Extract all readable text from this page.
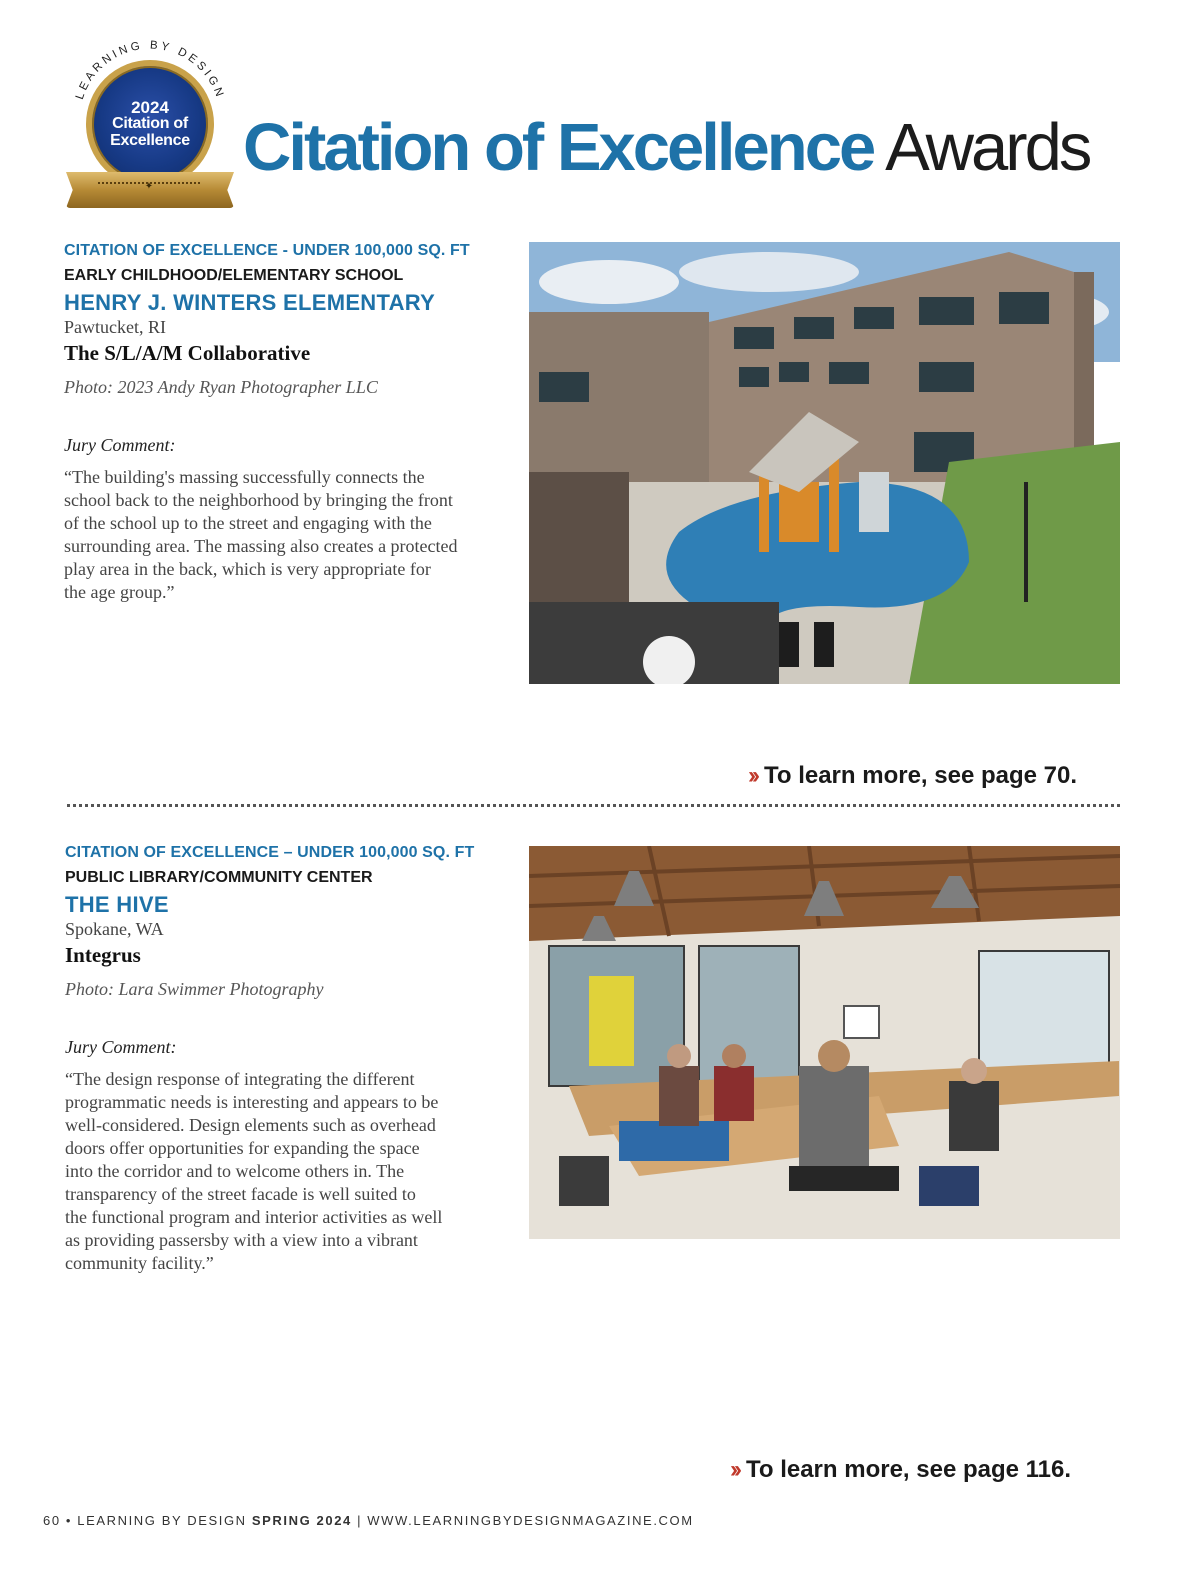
LEARNING BY DESIGN
2024
Citation of
Excellence
✦
Citation of Excellence Awards
CITATION OF EXCELLENCE - UNDER 100,000 SQ. FT
EARLY CHILDHOOD/ELEMENTARY SCHOOL
HENRY J. WINTERS ELEMENTARY
Pawtucket, RI
The S/L/A/M Collaborative
Photo: 2023 Andy Ryan Photographer LLC
Jury Comment:
“The building's massing successfully connects the
school back to the neighborhood by bringing the front
of the school up to the street and engaging with the
surrounding area. The massing also creates a protected
play area in the back, which is very appropriate for
the age group.”
›› To learn more, see page 70.
CITATION OF EXCELLENCE – UNDER 100,000 SQ. FT
PUBLIC LIBRARY/COMMUNITY CENTER
THE HIVE
Spokane, WA
Integrus
Photo: Lara Swimmer Photography
Jury Comment:
“The design response of integrating the different
programmatic needs is interesting and appears to be
well-considered. Design elements such as overhead
doors offer opportunities for expanding the space
into the corridor and to welcome others in. The
transparency of the street facade is well suited to
the functional program and interior activities as well
as providing passersby with a view into a vibrant
community facility.”
›› To learn more, see page 116.
60 • LEARNING BY DESIGN SPRING 2024 | WWW.LEARNINGBYDESIGNMAGAZINE.COM
